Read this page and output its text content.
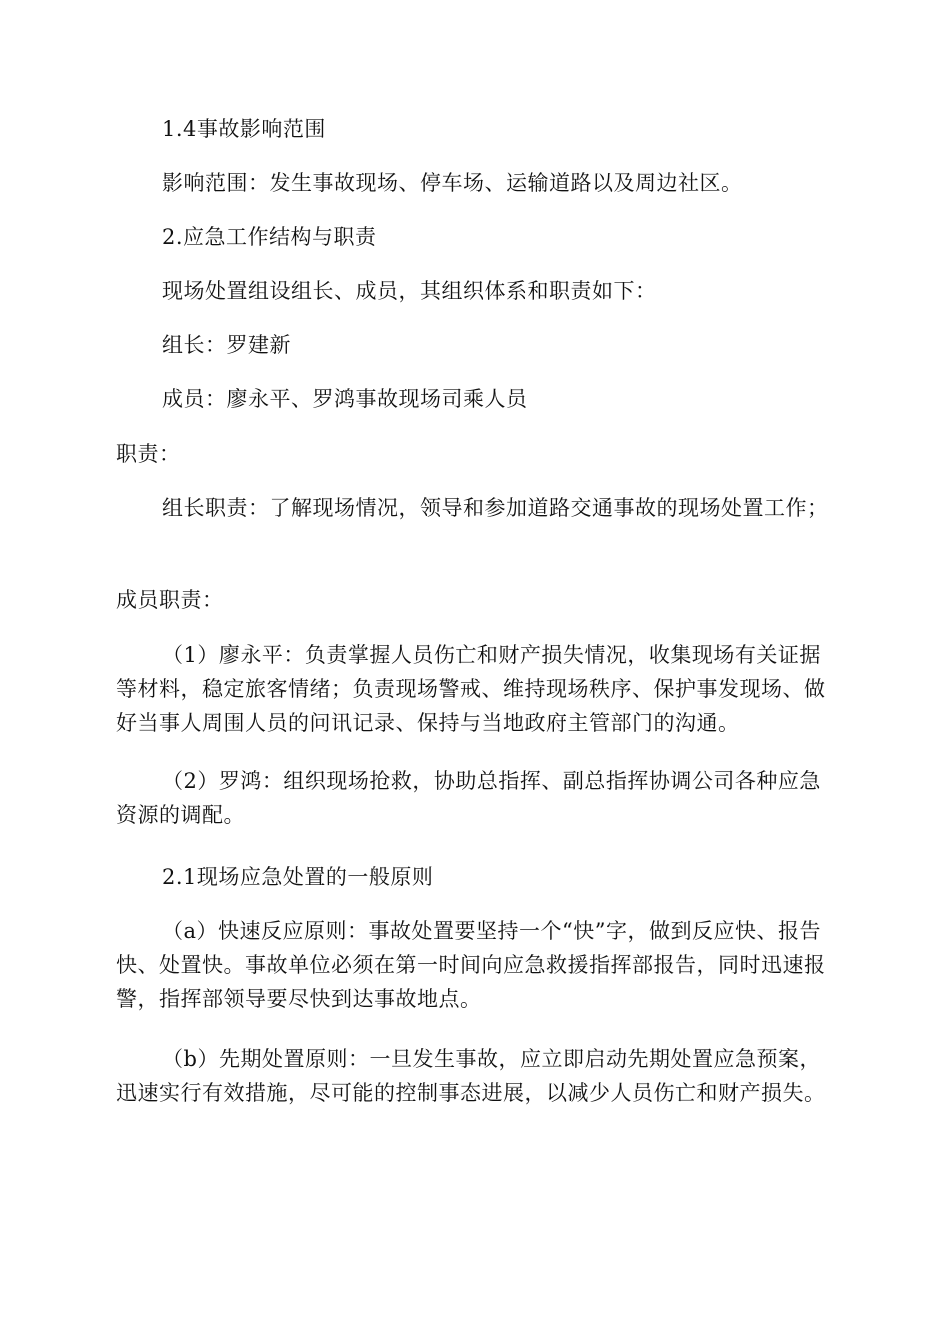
1.4事故影响范围

影响范围：发生事故现场、停车场、运输道路以及周边社区。

2.应急工作结构与职责

现场处置组设组长、成员，其组织体系和职责如下：

组长：罗建新

成员：廖永平、罗鸿事故现场司乘人员

职责：

组长职责：了解现场情况，领导和参加道路交通事故的现场处置工作；

成员职责：

（1）廖永平：负责掌握人员伤亡和财产损失情况，收集现场有关证据等材料，稳定旅客情绪；负责现场警戒、维持现场秩序、保护事发现场、做好当事人周围人员的问讯记录、保持与当地政府主管部门的沟通。

（2）罗鸿：组织现场抢救，协助总指挥、副总指挥协调公司各种应急资源的调配。

2.1现场应急处置的一般原则

（a）快速反应原则：事故处置要坚持一个“快”字，做到反应快、报告快、处置快。事故单位必须在第一时间向应急救援指挥部报告，同时迅速报警，指挥部领导要尽快到达事故地点。

（b）先期处置原则：一旦发生事故，应立即启动先期处置应急预案，迅速实行有效措施，尽可能的控制事态进展，以减少人员伤亡和财产损失。
